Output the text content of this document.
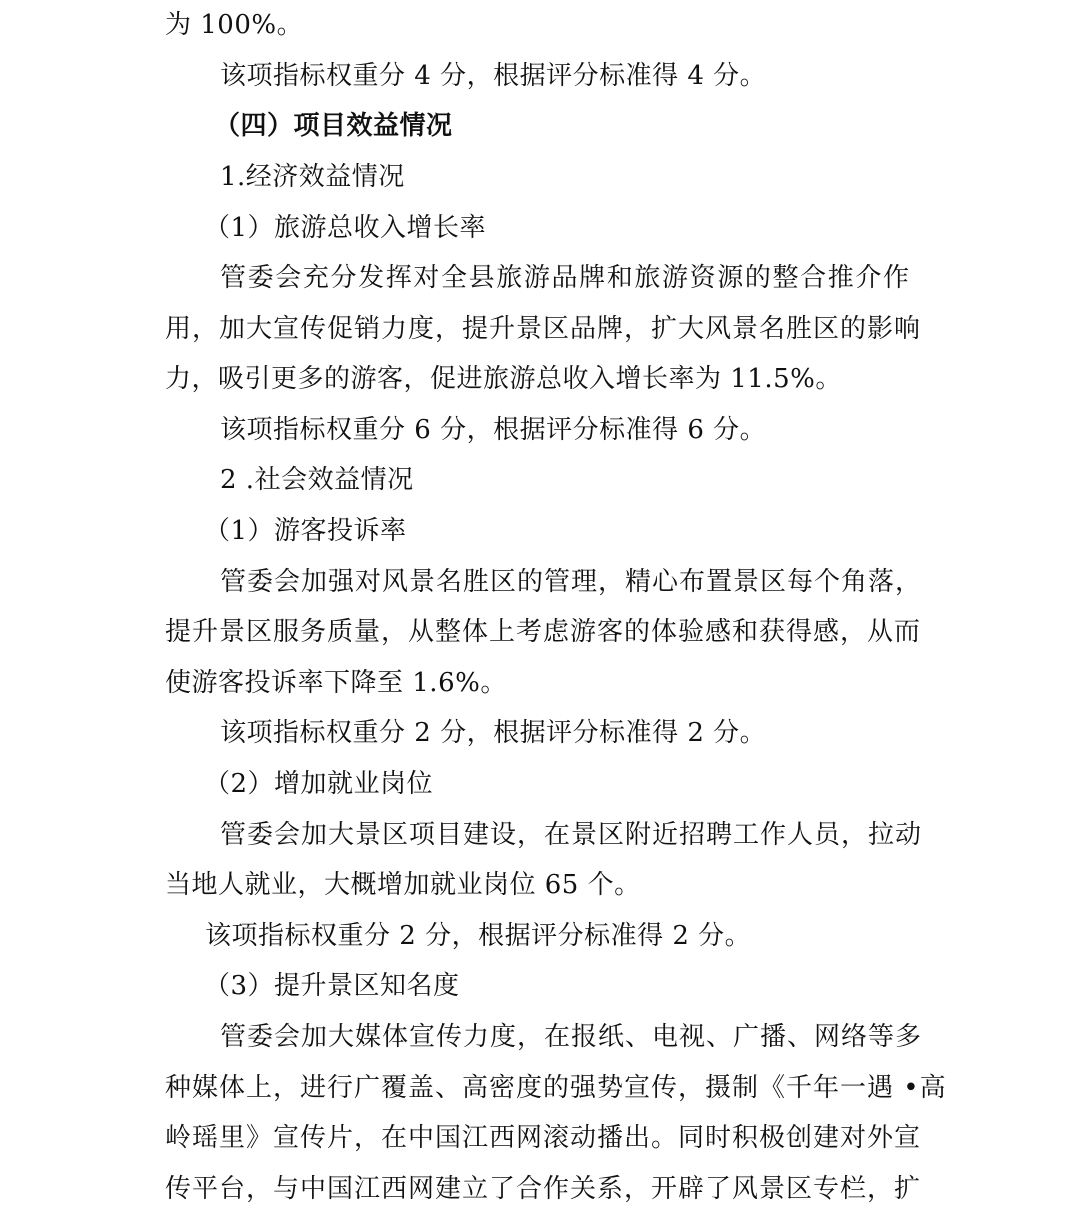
为 100%。
该项指标权重分 4 分，根据评分标准得 4 分。
（四）项目效益情况
1.经济效益情况
（1）旅游总收入增长率
管委会充分发挥对全县旅游品牌和旅游资源的整合推介作
用，加大宣传促销力度，提升景区品牌，扩大风景名胜区的影响
力，吸引更多的游客，促进旅游总收入增长率为 11.5%。
该项指标权重分 6 分，根据评分标准得 6 分。
2 .社会效益情况
（1）游客投诉率
管委会加强对风景名胜区的管理，精心布置景区每个角落，
提升景区服务质量，从整体上考虑游客的体验感和获得感，从而
使游客投诉率下降至 1.6%。
该项指标权重分 2 分，根据评分标准得 2 分。
（2）增加就业岗位
管委会加大景区项目建设，在景区附近招聘工作人员，拉动
当地人就业，大概增加就业岗位 65 个。
该项指标权重分 2 分，根据评分标准得 2 分。
（3）提升景区知名度
管委会加大媒体宣传力度，在报纸、电视、广播、网络等多
种媒体上，进行广覆盖、高密度的强势宣传，摄制《千年一遇 •高
岭瑶里》宣传片，在中国江西网滚动播出。同时积极创建对外宣
传平台，与中国江西网建立了合作关系，开辟了风景区专栏，扩
